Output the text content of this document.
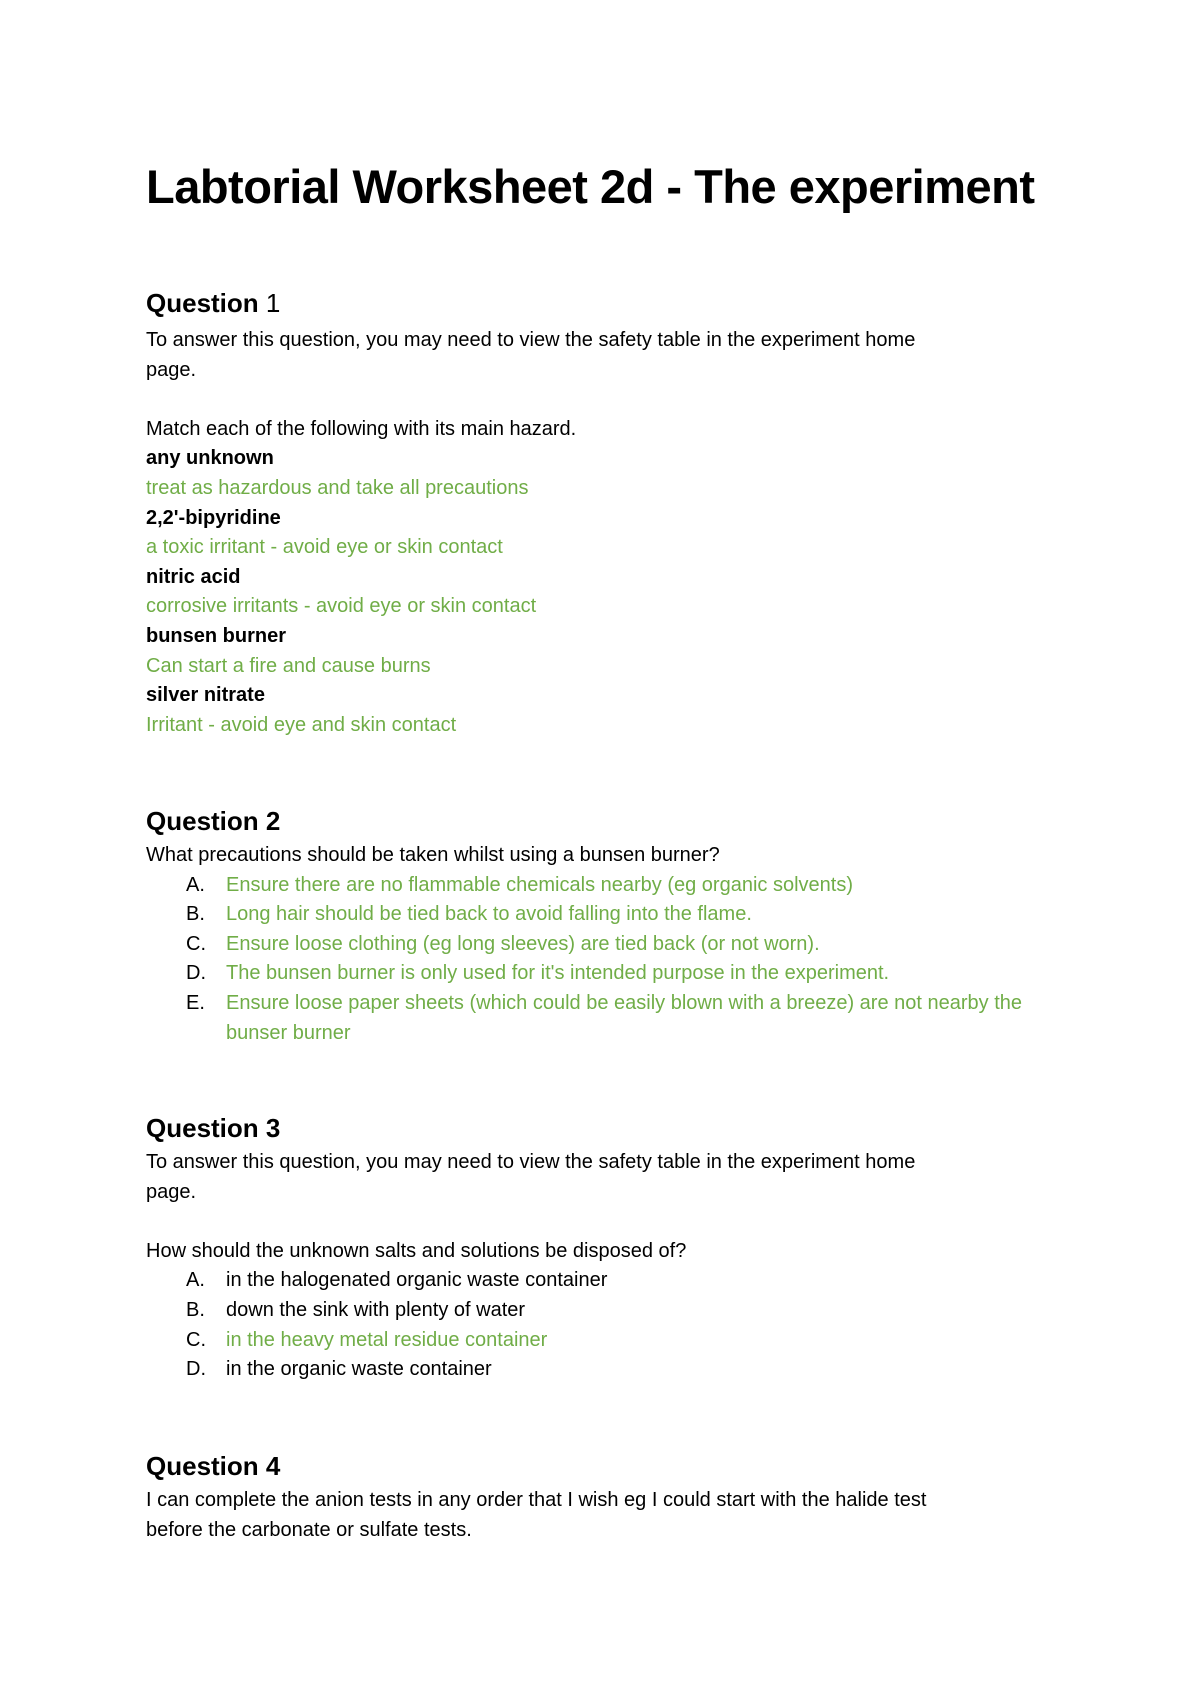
Labtorial Worksheet 2d - The experiment
Question 1

To answer this question, you may need to view the safety table in the experiment home

page.

Match each of the following with its main hazard.

any unknown

treat as hazardous and take all precautions

2,2'-bipyridine

a toxic irritant - avoid eye or skin contact

nitric acid

corrosive irritants - avoid eye or skin contact

bunsen burner

Can start a fire and cause burns

silver nitrate

Irritant - avoid eye and skin contact

Question 2

What precautions should be taken whilst using a bunsen burner?

A. Ensure there are no flammable chemicals nearby (eg organic solvents)

B. Long hair should be tied back to avoid falling into the flame.

C. Ensure loose clothing (eg long sleeves) are tied back (or not worn).

D. The bunsen burner is only used for it's intended purpose in the experiment.

E. Ensure loose paper sheets (which could be easily blown with a breeze) are not nearby the bunser burner

Question 3

To answer this question, you may need to view the safety table in the experiment home

page.

How should the unknown salts and solutions be disposed of?

A. in the halogenated organic waste container

B. down the sink with plenty of water

C. in the heavy metal residue container

D. in the organic waste container

Question 4

I can complete the anion tests in any order that I wish eg I could start with the halide test

before the carbonate or sulfate tests.
